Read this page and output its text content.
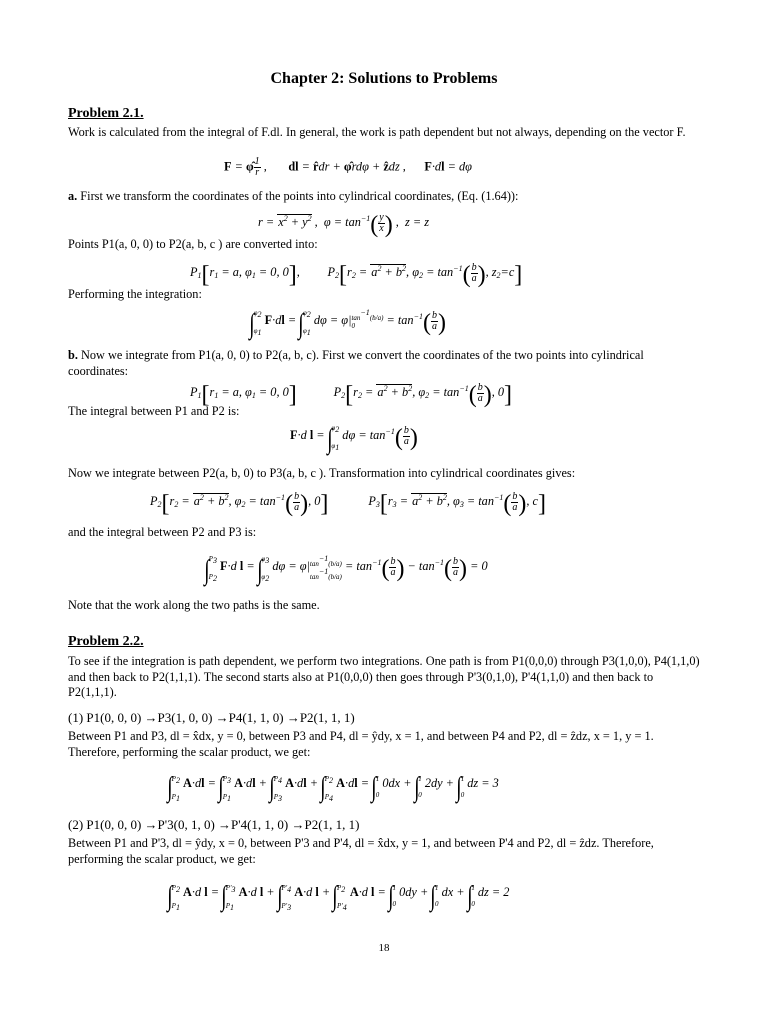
Chapter 2: Solutions to Problems
Problem 2.1.
Work is calculated from the integral of F.dl. In general, the work is path dependent but not always, depending on the vector F.
F = φ̂ $\frac{1}{r}$ ,       dl = r̂dr + φ̂rdφ + ẑdz ,      F·dl = dφ
a. First we transform the coordinates of the points into cylindrical coordinates, (Eq. (1.64)):
$r = x^2 + y^2$ ,  $\varphi = \tan^{-1}( \frac{y}{x}$ ) ,  z = z
Points P1(a, 0, 0) to P2(a, b, c ) are converted into:
$P_1[r_1 = a$, $\varphi_1 = 0$, 0],         $P_2[r_2 = a^2 + b^2$, $\varphi_2 = \tan^{-1}( \frac{b}{a}$ ), $z_2=c$]
Performing the integration:
$\int\varphi_2$

$\varphi_1$ $F\cdot dl = \int\varphi_2$

$\varphi_1$ $d\varphi = \varphi|\tan^{-1}(b/a)$
$0 = \tan^{-1}( \frac{b}{a}$ )
b. Now we integrate from P1(a, 0, 0) to P2(a, b, c). First we convert the coordinates of the two points into cylindrical coordinates:
$P_1[r_1 = a$, $\varphi_1 = 0$, 0]            $P_2[r_2 = a^2 + b^2$, $\varphi_2 = \tan^{-1}( \frac{b}{a}$ ), 0]
The integral between P1 and P2 is:
F·d $l = \int\varphi_2$

$\varphi_1$ $d\varphi = \tan^{-1}( \frac{b}{a}$ )
Now we integrate between P2(a, b, 0) to P3(a, b, c ). Transformation into cylindrical coordinates gives:
$P_2[r_2 = a^2 + b^2$, $\varphi_2 = \tan^{-1}( \frac{b}{a}$ ), 0]             $P_3[r_3 = a^2 + b^2$, $\varphi_3 = \tan^{-1}( \frac{b}{a}$ ), c]
and the integral between P2 and P3 is:
$\int P_3$

$P_2$ F·d $l = \int\varphi_3$

$\varphi_2$ $d\varphi = \varphi|\tan^{-1}(b/a)$
$\tan^{-1}(b/a) = \tan^{-1}( \frac{b}{a}$ ) − $\tan^{-1}( \frac{b}{a}$ ) = 0
Note that the work along the two paths is the same.
Problem 2.2.
To see if the integration is path dependent, we perform two integrations. One path is from P1(0,0,0) through P3(1,0,0), P4(1,1,0) and then back to P2(1,1,1). The second starts also at P1(0,0,0) then goes through P'3(0,1,0), P'4(1,1,0) and then back to P2(1,1,1).
(1) P1(0, 0, 0) →P3(1, 0, 0) →P4(1, 1, 0) →P2(1, 1, 1)
Between P1 and P3, dl = x̂dx, y = 0, between P3 and P4, dl = ŷdy, x = 1, and between P4 and P2, dl = ẑdz, x = 1, y = 1. Therefore, performing the scalar product, we get:
$\int P_2$

$P_1$ $A\cdot dl = \int P_3$

$P_1$ $A\cdot dl + \int P_4$

$P_3$ $A\cdot dl + \int P_2$

$P_4$ A·dl = ∫1

0 0dx + ∫1

0 2dy + ∫1

0 dz = 3
(2) P1(0, 0, 0) →P'3(0, 1, 0) →P'4(1, 1, 0) →P2(1, 1, 1)
Between P1 and P'3, dl = ŷdy, x = 0, between P'3 and P'4, dl = x̂dx, y = 1, and between P'4 and P2, dl = ẑdz. Therefore, performing the scalar product, we get:
$\int P_2$

$P_1$ A·d $l = \int P'_3$

$P_1$ A·d $l + \int P'_4$

$P'_3$ A·d $l + \int P_2$

$P'_4$ A·d l = ∫1

0 0dy + ∫1

0 dx + ∫1

0 dz = 2
18
